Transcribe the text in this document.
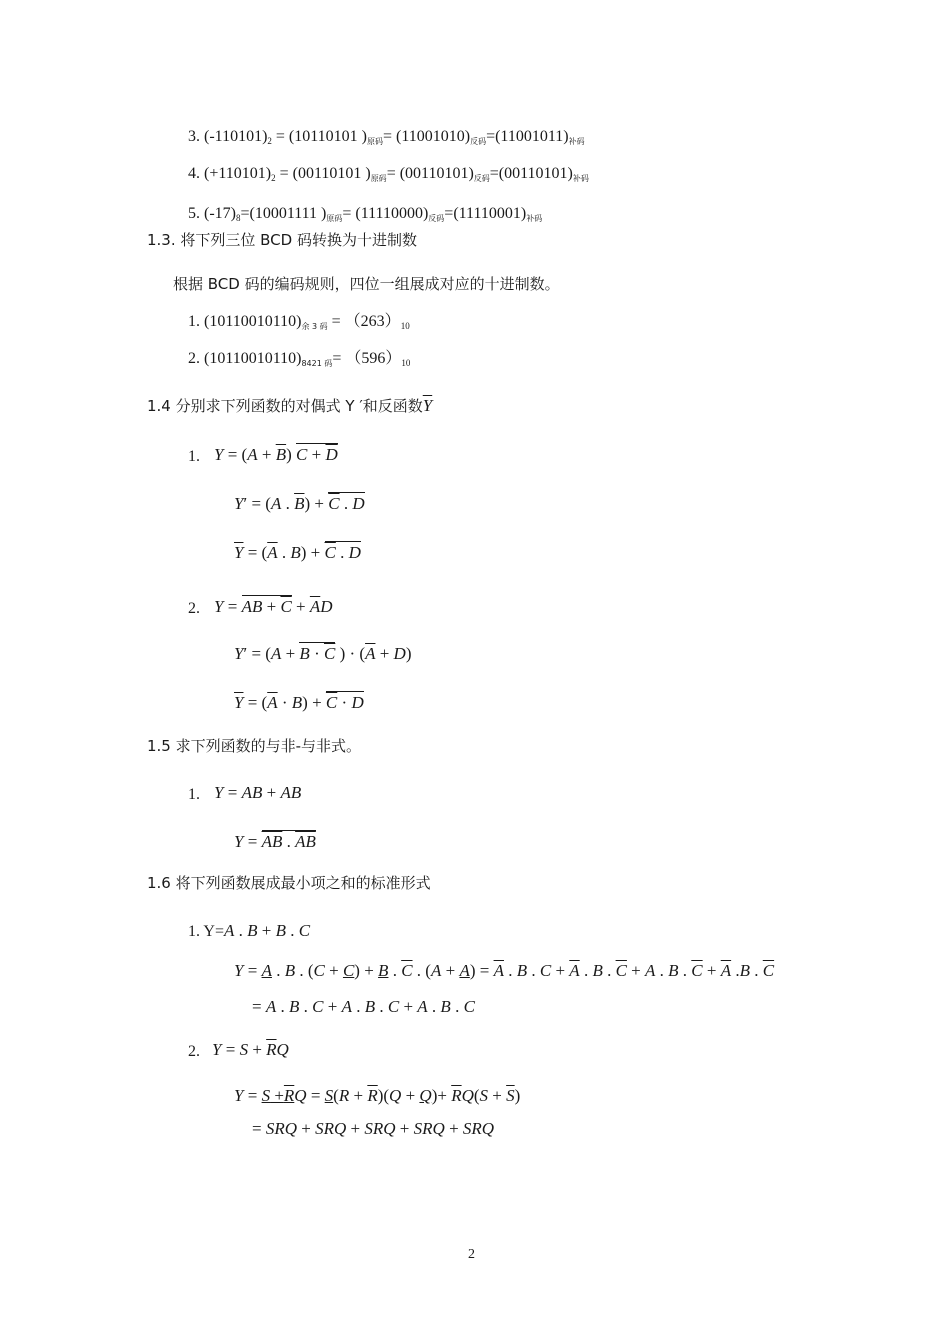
3. $(-110101)_2 = (10110101$ )$_{原码}= (11001010)_{反码}=(11001011)_{补码}$
4. $(+110101)_2 = (00110101$ )$_{原码}= (00110101)_{反码}=(00110101)_{补码}$
5. $(-17)_8=(10001111$ )$_{原码}= (11110000)_{反码}=(11110001)_{补码}$
1.3. 将下列三位 BCD 码转换为十进制数
根据 BCD 码的编码规则，四位一组展成对应的十进制数。
1. $(10110010110)_{余 3 码} = (263)_{10}$
2. $(10110010110)_{8421 码}= (596)_{10}$
1.4 分别求下列函数的对偶式 Y ′和反函数$\overline{Y}$
1. $Y = (A + \overline{B})$ $C + \overline{D}$
Y′ = (A . $\overline{B}) + \overline{C}$ . D
$\overline{Y} = (\overline{A}$ . $B) + \overline{C}$ . D
2. Y = AB + $\overline{C} + \overline{A}D$
$Y' = (A + B \cdot \overline{C}$ ) · $(\overline{A} + D)$
$\overline{Y} = (\overline{A} \cdot B) + \overline{C} \cdot D$
1.5 求下列函数的与非-与非式。
1. Y = AB + AB
$Y = \overline{AB}$ . $\overline{AB}$
1.6 将下列函数展成最小项之和的标准形式
1. Y=A . B + B . C
Y = A . B . (C + C) + B . $\overline{C}$ . $(A + A) = \overline{A}$ . B . $C + \overline{A}$ . B . $\overline{C} + A$ . B . $\overline{C} + \overline{A}$ .B . $\overline{C}$
= A . B . C + A . B . C + A . B . C
2. $Y = S + \overline{R}Q$
$Y = S +RQ = S(R + \overline{R})(Q + Q)+ \overline{R}Q(S + \overline{S})$
= SRQ + SRQ + SRQ + SRQ + SRQ
2
